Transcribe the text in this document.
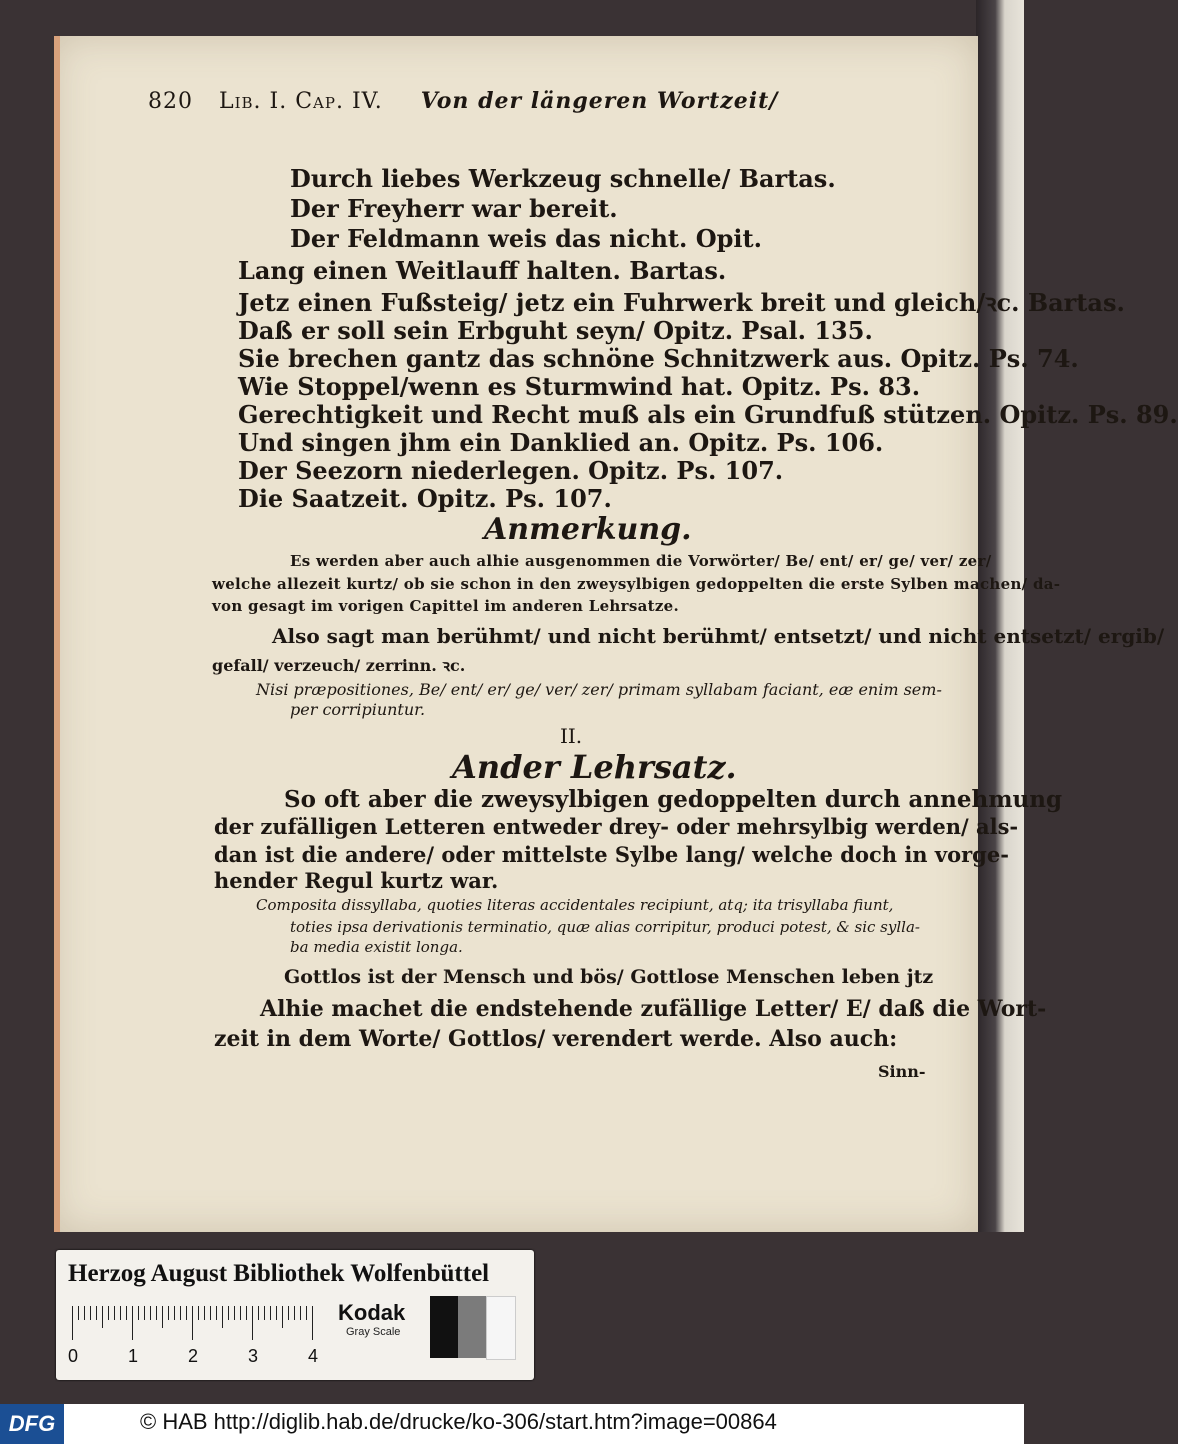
820 Lib. I. Cap. IV. Von der längeren Wortzeit/
Durch liebes Werkzeug schnelle/ Bartas.
Der Freyherr war bereit.
Der Feldmann weis das nicht. Opit.
Lang einen Weitlauff halten. Bartas.
Jetz einen Fußsteig/ jetz ein Fuhrwerk breit und gleich/ꝛc. Bartas.
Daß er soll sein Erbguht seyn/ Opitz. Psal. 135.
Sie brechen gantz das schnöne Schnitzwerk aus. Opitz. Ps. 74.
Wie Stoppel/wenn es Sturmwind hat. Opitz. Ps. 83.
Gerechtigkeit und Recht muß als ein Grundfuß stützen. Opitz. Ps. 89.
Und singen jhm ein Danklied an. Opitz. Ps. 106.
Der Seezorn niederlegen. Opitz. Ps. 107.
Die Saatzeit. Opitz. Ps. 107.
Anmerkung.
Es werden aber auch alhie ausgenommen die Vorwörter/ Be/ ent/ er/ ge/ ver/ zer/
welche allezeit kurtz/ ob sie schon in den zweysylbigen gedoppelten die erste Sylben machen/ da-
von gesagt im vorigen Capittel im anderen Lehrsatze.
Also sagt man berühmt/ und nicht berühmt/ entsetzt/ und nicht entsetzt/ ergib/
gefall/ verzeuch/ zerrinn. ꝛc.
Nisi præpositiones, Be/ ent/ er/ ge/ ver/ zer/ primam syllabam faciant, eæ enim sem-
per corripiuntur.
II.
Ander Lehrsatz.
So oft aber die zweysylbigen gedoppelten durch annehmung
der zufälligen Letteren entweder drey- oder mehrsylbig werden/ als-
dan ist die andere/ oder mittelste Sylbe lang/ welche doch in vorge-
hender Regul kurtz war.
Composita dissyllaba, quoties literas accidentales recipiunt, atq; ita trisyllaba fiunt,
toties ipsa derivationis terminatio, quæ alias corripitur, produci potest, & sic sylla-
ba media existit longa.
Gottlos ist der Mensch und bös/ Gottlose Menschen leben jtz
Alhie machet die endstehende zufällige Letter/ E/ daß die Wort-
zeit in dem Worte/ Gottlos/ verendert werde. Also auch:
Sinn-
Herzog August Bibliothek Wolfenbüttel
0	1	2	3	4
Kodak
Gray Scale
DFG	© HAB http://diglib.hab.de/drucke/ko-306/start.htm?image=00864
